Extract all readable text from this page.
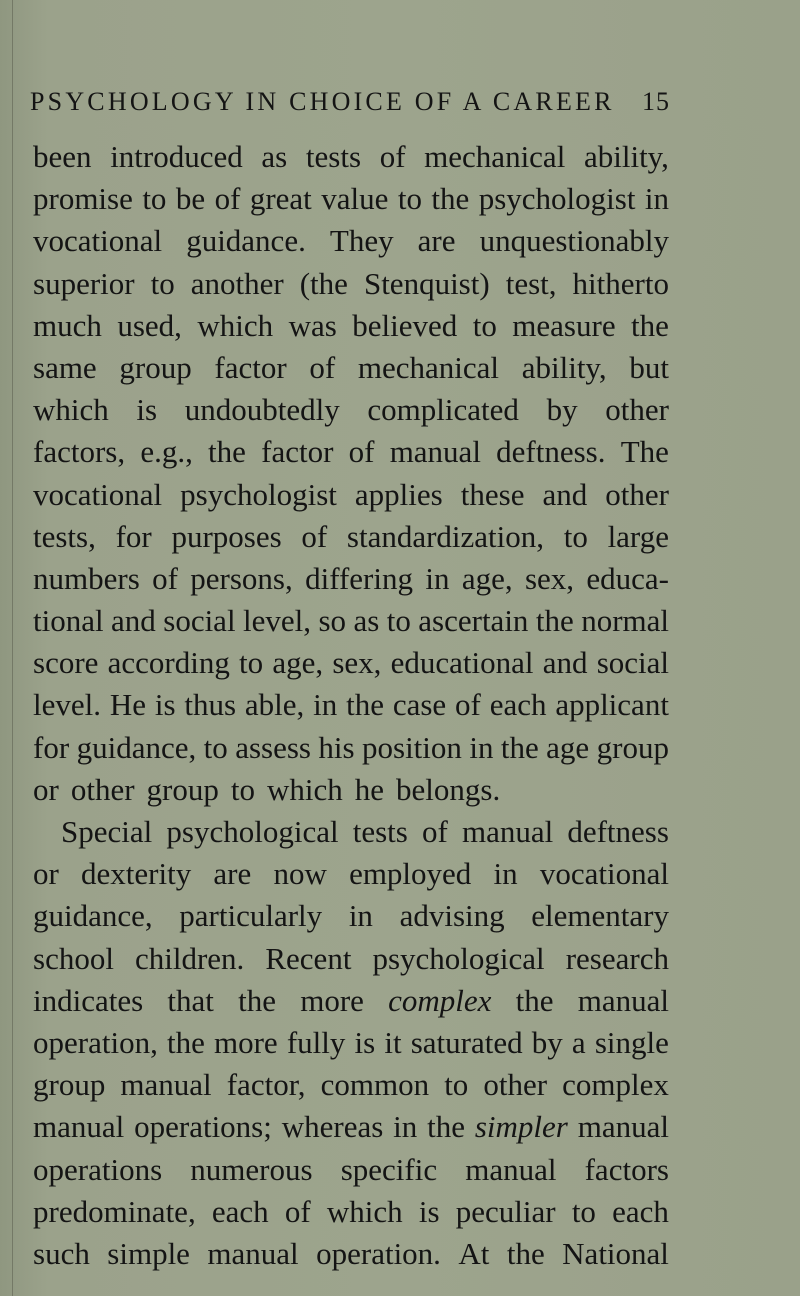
PSYCHOLOGY IN CHOICE OF A CAREER 15
been introduced as tests of mechanical ability,
promise to be of great value to the psychologist in
vocational guidance. They are unquestionably
superior to another (the Stenquist) test, hitherto
much used, which was believed to measure the
same group factor of mechanical ability, but
which is undoubtedly complicated by other
factors, e.g., the factor of manual deftness. The
vocational psychologist applies these and other
tests, for purposes of standardization, to large
numbers of persons, differing in age, sex, educa-
tional and social level, so as to ascertain the normal
score according to age, sex, educational and social
level. He is thus able, in the case of each applicant
for guidance, to assess his position in the age group
or other group to which he belongs.
Special psychological tests of manual deftness
or dexterity are now employed in vocational
guidance, particularly in advising elementary
school children. Recent psychological research
indicates that the more complex the manual
operation, the more fully is it saturated by a single
group manual factor, common to other complex
manual operations; whereas in the simpler manual
operations numerous specific manual factors
predominate, each of which is peculiar to each
such simple manual operation. At the National
